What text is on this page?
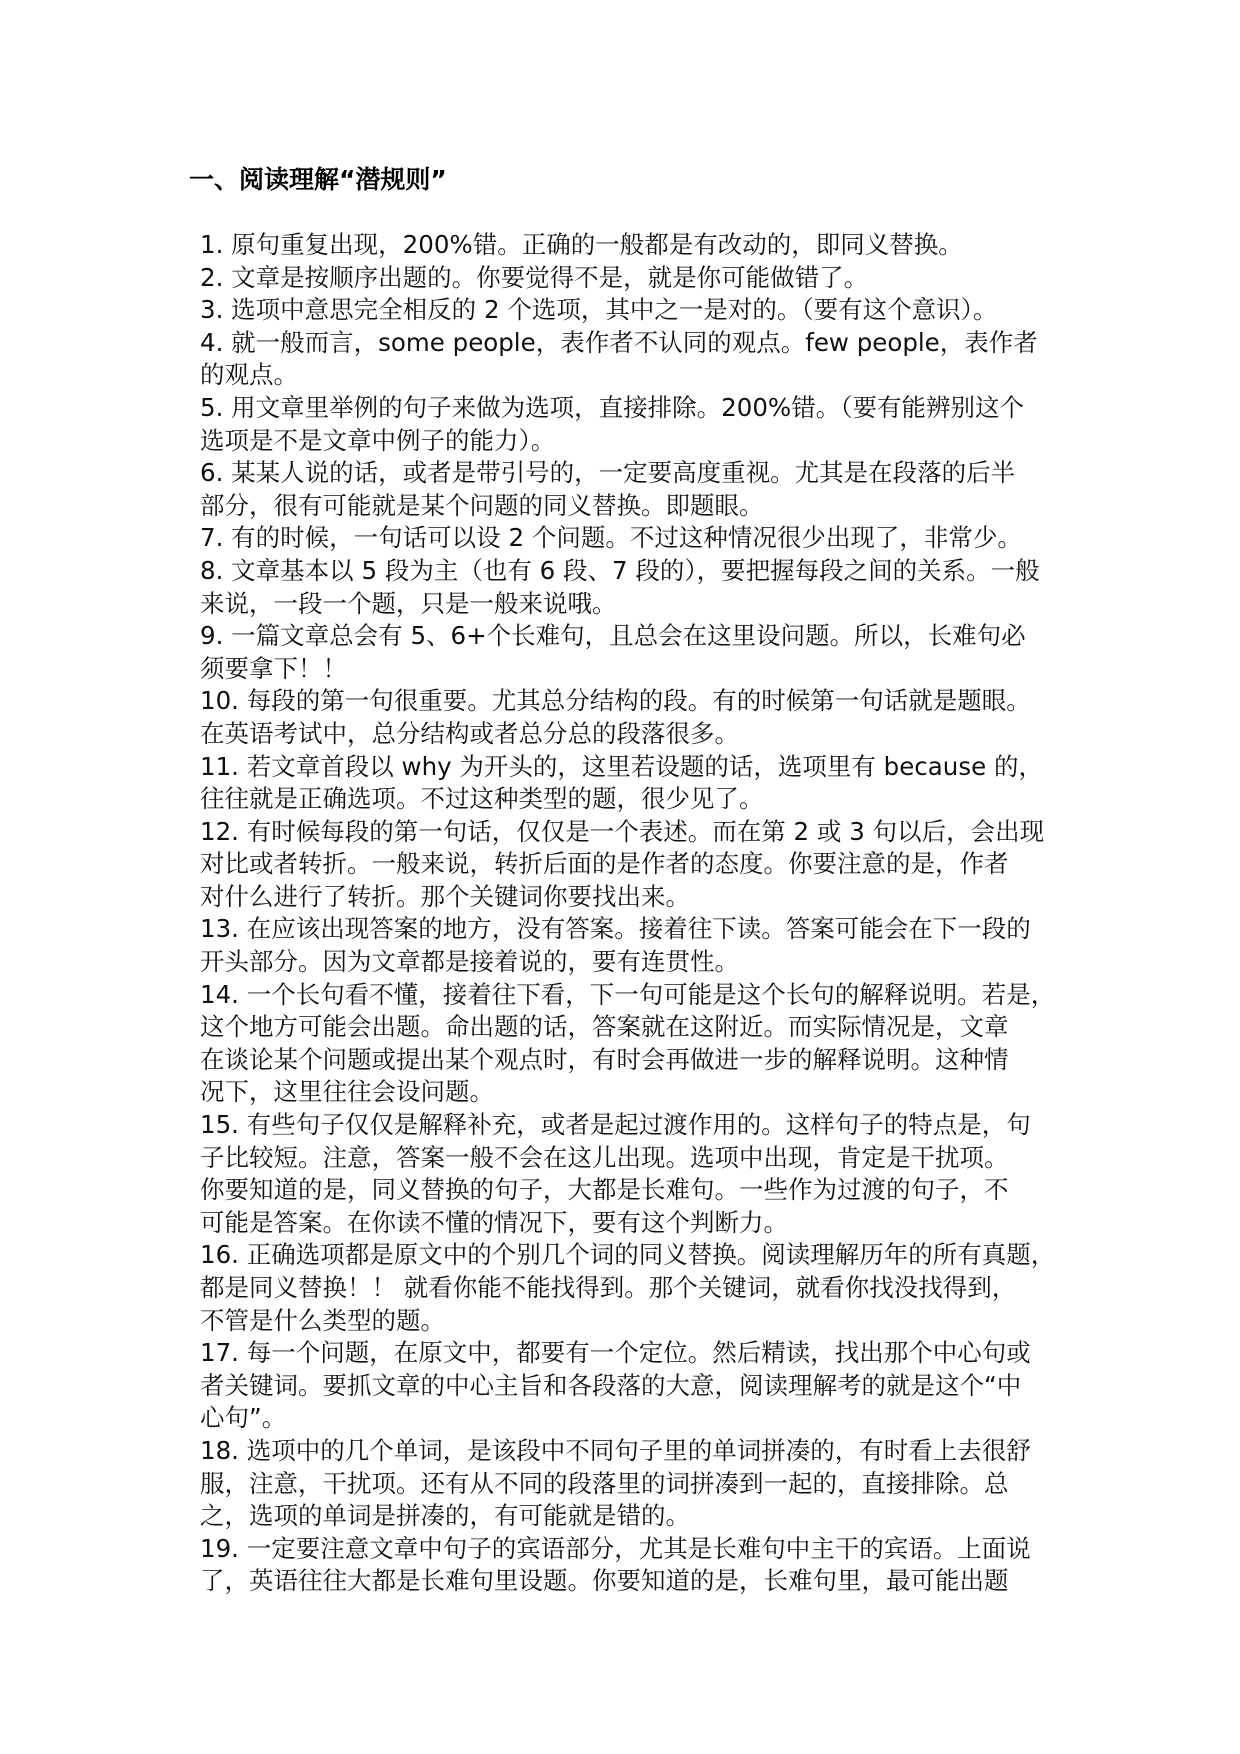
一、阅读理解“潜规则”
1. 原句重复出现，200%错。正确的一般都是有改动的，即同义替换。
2. 文章是按顺序出题的。你要觉得不是，就是你可能做错了。
3. 选项中意思完全相反的 2 个选项，其中之一是对的。（要有这个意识）。
4. 就一般而言，some people，表作者不认同的观点。few people，表作者
的观点。
5. 用文章里举例的句子来做为选项，直接排除。200%错。（要有能辨别这个
选项是不是文章中例子的能力）。
6. 某某人说的话，或者是带引号的，一定要高度重视。尤其是在段落的后半
部分，很有可能就是某个问题的同义替换。即题眼。
7. 有的时候，一句话可以设 2 个问题。不过这种情况很少出现了，非常少。
8. 文章基本以 5 段为主（也有 6 段、7 段的），要把握每段之间的关系。一般
来说，一段一个题，只是一般来说哦。
9. 一篇文章总会有 5、6+个长难句，且总会在这里设问题。所以，长难句必
须要拿下！！
10. 每段的第一句很重要。尤其总分结构的段。有的时候第一句话就是题眼。
在英语考试中，总分结构或者总分总的段落很多。
11. 若文章首段以 why 为开头的，这里若设题的话，选项里有 because 的，
往往就是正确选项。不过这种类型的题，很少见了。
12. 有时候每段的第一句话，仅仅是一个表述。而在第 2 或 3 句以后，会出现
对比或者转折。一般来说，转折后面的是作者的态度。你要注意的是，作者
对什么进行了转折。那个关键词你要找出来。
13. 在应该出现答案的地方，没有答案。接着往下读。答案可能会在下一段的
开头部分。因为文章都是接着说的，要有连贯性。
14. 一个长句看不懂，接着往下看，下一句可能是这个长句的解释说明。若是，
这个地方可能会出题。命出题的话，答案就在这附近。而实际情况是，文章
在谈论某个问题或提出某个观点时，有时会再做进一步的解释说明。这种情
况下，这里往往会设问题。
15. 有些句子仅仅是解释补充，或者是起过渡作用的。这样句子的特点是，句
子比较短。注意，答案一般不会在这儿出现。选项中出现，肯定是干扰项。
你要知道的是，同义替换的句子，大都是长难句。一些作为过渡的句子，不
可能是答案。在你读不懂的情况下，要有这个判断力。
16. 正确选项都是原文中的个别几个词的同义替换。阅读理解历年的所有真题，
都是同义替换！！ 就看你能不能找得到。那个关键词，就看你找没找得到，
不管是什么类型的题。
17. 每一个问题，在原文中，都要有一个定位。然后精读，找出那个中心句或
者关键词。要抓文章的中心主旨和各段落的大意，阅读理解考的就是这个“中
心句”。
18. 选项中的几个单词，是该段中不同句子里的单词拼凑的，有时看上去很舒
服，注意，干扰项。还有从不同的段落里的词拼凑到一起的，直接排除。总
之，选项的单词是拼凑的，有可能就是错的。
19. 一定要注意文章中句子的宾语部分，尤其是长难句中主干的宾语。上面说
了，英语往往大都是长难句里设题。你要知道的是，长难句里，最可能出题
